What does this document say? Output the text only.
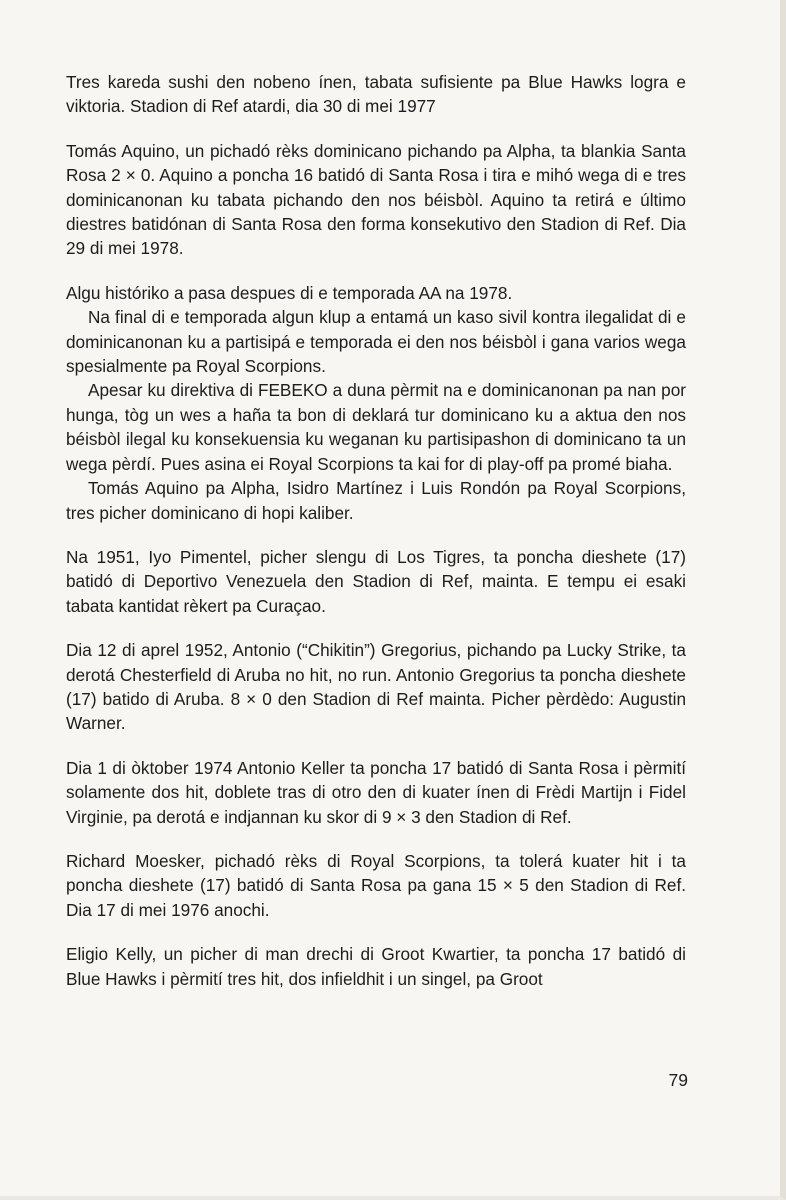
Tres kareda sushi den nobeno ínen, tabata sufisiente pa Blue Hawks logra e viktoria. Stadion di Ref atardi, dia 30 di mei 1977

Tomás Aquino, un pichadó rèks dominicano pichando pa Alpha, ta blankia Santa Rosa 2 × 0. Aquino a poncha 16 batidó di Santa Rosa i tira e mihó wega di e tres dominicanonan ku tabata pichando den nos béisbòl. Aquino ta retirá e último diestres batidónan di Santa Rosa den forma konsekutivo den Stadion di Ref. Dia 29 di mei 1978.

Algu históriko a pasa despues di e temporada AA na 1978.

Na final di e temporada algun klup a entamá un kaso sivil kontra ilegalidat di e dominicanonan ku a partisipá e temporada ei den nos béisbòl i gana varios wega spesialmente pa Royal Scorpions.

Apesar ku direktiva di FEBEKO a duna pèrmit na e dominicanonan pa nan por hunga, tòg un wes a haña ta bon di deklará tur dominicano ku a aktua den nos béisbòl ilegal ku konsekuensia ku weganan ku partisipashon di dominicano ta un wega pèrdí. Pues asina ei Royal Scorpions ta kai for di play-off pa promé biaha.

Tomás Aquino pa Alpha, Isidro Martínez i Luis Rondón pa Royal Scorpions, tres picher dominicano di hopi kaliber.

Na 1951, Iyo Pimentel, picher slengu di Los Tigres, ta poncha dieshete (17) batidó di Deportivo Venezuela den Stadion di Ref, mainta. E tempu ei esaki tabata kantidat rèkert pa Curaçao.

Dia 12 di aprel 1952, Antonio (“Chikitin”) Gregorius, pichando pa Lucky Strike, ta derotá Chesterfield di Aruba no hit, no run. Antonio Gregorius ta poncha dieshete (17) batido di Aruba. 8 × 0 den Stadion di Ref mainta. Picher pèrdèdo: Augustin Warner.

Dia 1 di òktober 1974 Antonio Keller ta poncha 17 batidó di Santa Rosa i pèrmití solamente dos hit, doblete tras di otro den di kuater ínen di Frèdi Martijn i Fidel Virginie, pa derotá e indjannan ku skor di 9 × 3 den Stadion di Ref.

Richard Moesker, pichadó rèks di Royal Scorpions, ta tolerá kuater hit i ta poncha dieshete (17) batidó di Santa Rosa pa gana 15 × 5 den Stadion di Ref. Dia 17 di mei 1976 anochi.

Eligio Kelly, un picher di man drechi di Groot Kwartier, ta poncha 17 batidó di Blue Hawks i pèrmití tres hit, dos infieldhit i un singel, pa Groot

79
